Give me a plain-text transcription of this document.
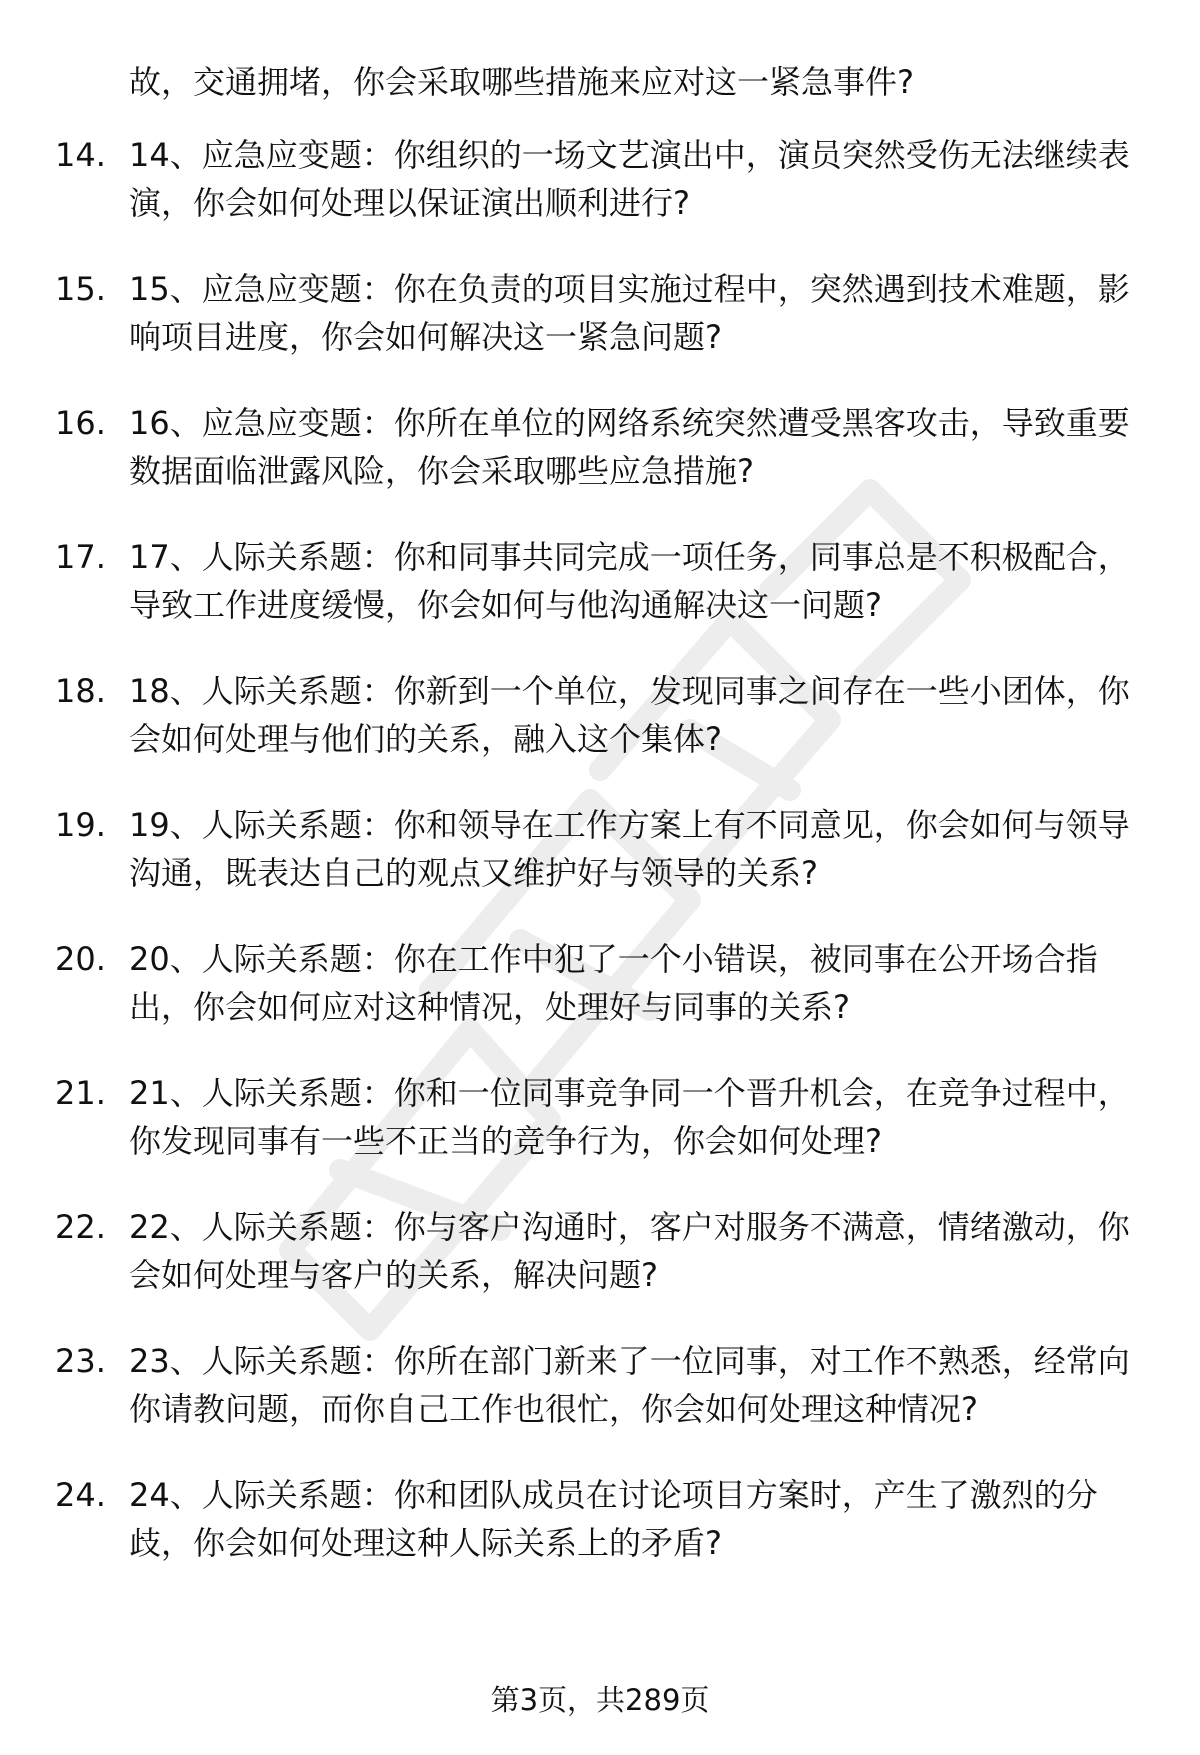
故，交通拥堵，你会采取哪些措施来应对这一紧急事件?

14. 14、应急应变题：你组织的一场文艺演出中，演员突然受伤无法继续表演，你会如何处理以保证演出顺利进行?
15. 15、应急应变题：你在负责的项目实施过程中，突然遇到技术难题，影响项目进度，你会如何解决这一紧急问题?
16. 16、应急应变题：你所在单位的网络系统突然遭受黑客攻击，导致重要数据面临泄露风险，你会采取哪些应急措施?
17. 17、人际关系题：你和同事共同完成一项任务，同事总是不积极配合，导致工作进度缓慢，你会如何与他沟通解决这一问题?
18. 18、人际关系题：你新到一个单位，发现同事之间存在一些小团体，你会如何处理与他们的关系，融入这个集体?
19. 19、人际关系题：你和领导在工作方案上有不同意见，你会如何与领导沟通，既表达自己的观点又维护好与领导的关系?
20. 20、人际关系题：你在工作中犯了一个小错误，被同事在公开场合指出，你会如何应对这种情况，处理好与同事的关系?
21. 21、人际关系题：你和一位同事竞争同一个晋升机会，在竞争过程中，你发现同事有一些不正当的竞争行为，你会如何处理?
22. 22、人际关系题：你与客户沟通时，客户对服务不满意，情绪激动，你会如何处理与客户的关系，解决问题?
23. 23、人际关系题：你所在部门新来了一位同事，对工作不熟悉，经常向你请教问题，而你自己工作也很忙，你会如何处理这种情况?
24. 24、人际关系题：你和团队成员在讨论项目方案时，产生了激烈的分歧，你会如何处理这种人际关系上的矛盾?
第3页，共289页
